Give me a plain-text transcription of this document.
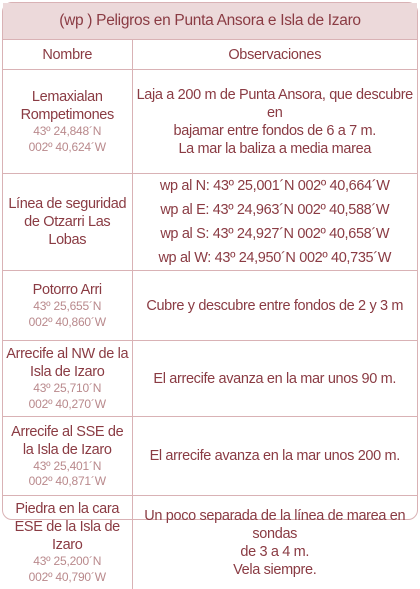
(wp ) Peligros en Punta Ansora e Isla de Izaro
Nombre	Observaciones

Lemaxialan Rompetimones
43º 24,848´N
002º 40,624´W	Laja a 200 m de Punta Ansora, que descubre en
bajamar entre fondos de 6 a 7 m.
La mar la baliza a media marea

Línea de seguridad de Otzarri Las Lobas	wp al N: 43º 25,001´N 002º 40,664´W
wp al E: 43º 24,963´N 002º 40,588´W
wp al S: 43º 24,927´N 002º 40,658´W
wp al W: 43º 24,950´N 002º 40,735´W

Potorro Arri
43º 25,655´N
002º 40,860´W	Cubre y descubre entre fondos de 2 y 3 m

Arrecife al NW de la Isla de Izaro
43º 25,710´N
002º 40,270´W	El arrecife avanza en la mar unos 90 m.

Arrecife al SSE de la Isla de Izaro
43º 25,401´N
002º 40,871´W	El arrecife avanza en la mar unos 200 m.

Piedra en la cara ESE de la Isla de Izaro
43º 25,200´N
002º 40,790´W	Un poco separada de la línea de marea en sondas
de 3 a 4 m.
Vela siempre.
